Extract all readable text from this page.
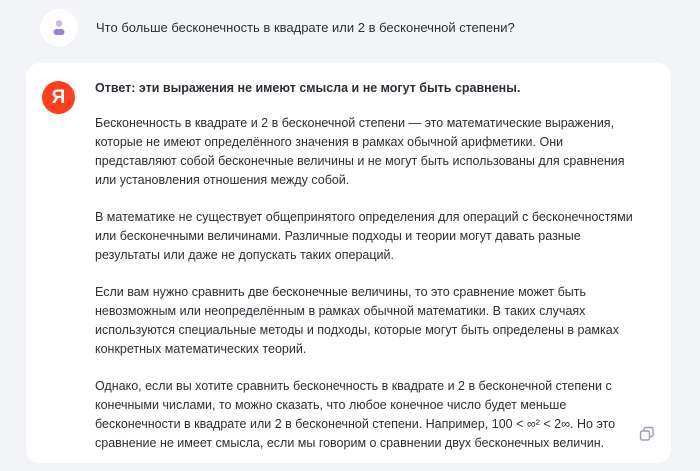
Что больше бесконечность в квадрате или 2 в бесконечной степени?
Я	Ответ: эти выражения не имеют смысла и не могут быть сравнены.

Бесконечность в квадрате и 2 в бесконечной степени — это математические выражения, которые не имеют определённого значения в рамках обычной арифметики. Они представляют собой бесконечные величины и не могут быть использованы для сравнения или установления отношения между собой.

В математике не существует общепринятого определения для операций с бесконечностями или бесконечными величинами. Различные подходы и теории могут давать разные результаты или даже не допускать таких операций.

Если вам нужно сравнить две бесконечные величины, то это сравнение может быть невозможным или неопределённым в рамках обычной математики. В таких случаях используются специальные методы и подходы, которые могут быть определены в рамках конкретных математических теорий.

Однако, если вы хотите сравнить бесконечность в квадрате и 2 в бесконечной степени с конечными числами, то можно сказать, что любое конечное число будет меньше бесконечности в квадрате или 2 в бесконечной степени. Например, 100 < ∞² < 2∞. Но это сравнение не имеет смысла, если мы говорим о сравнении двух бесконечных величин.
